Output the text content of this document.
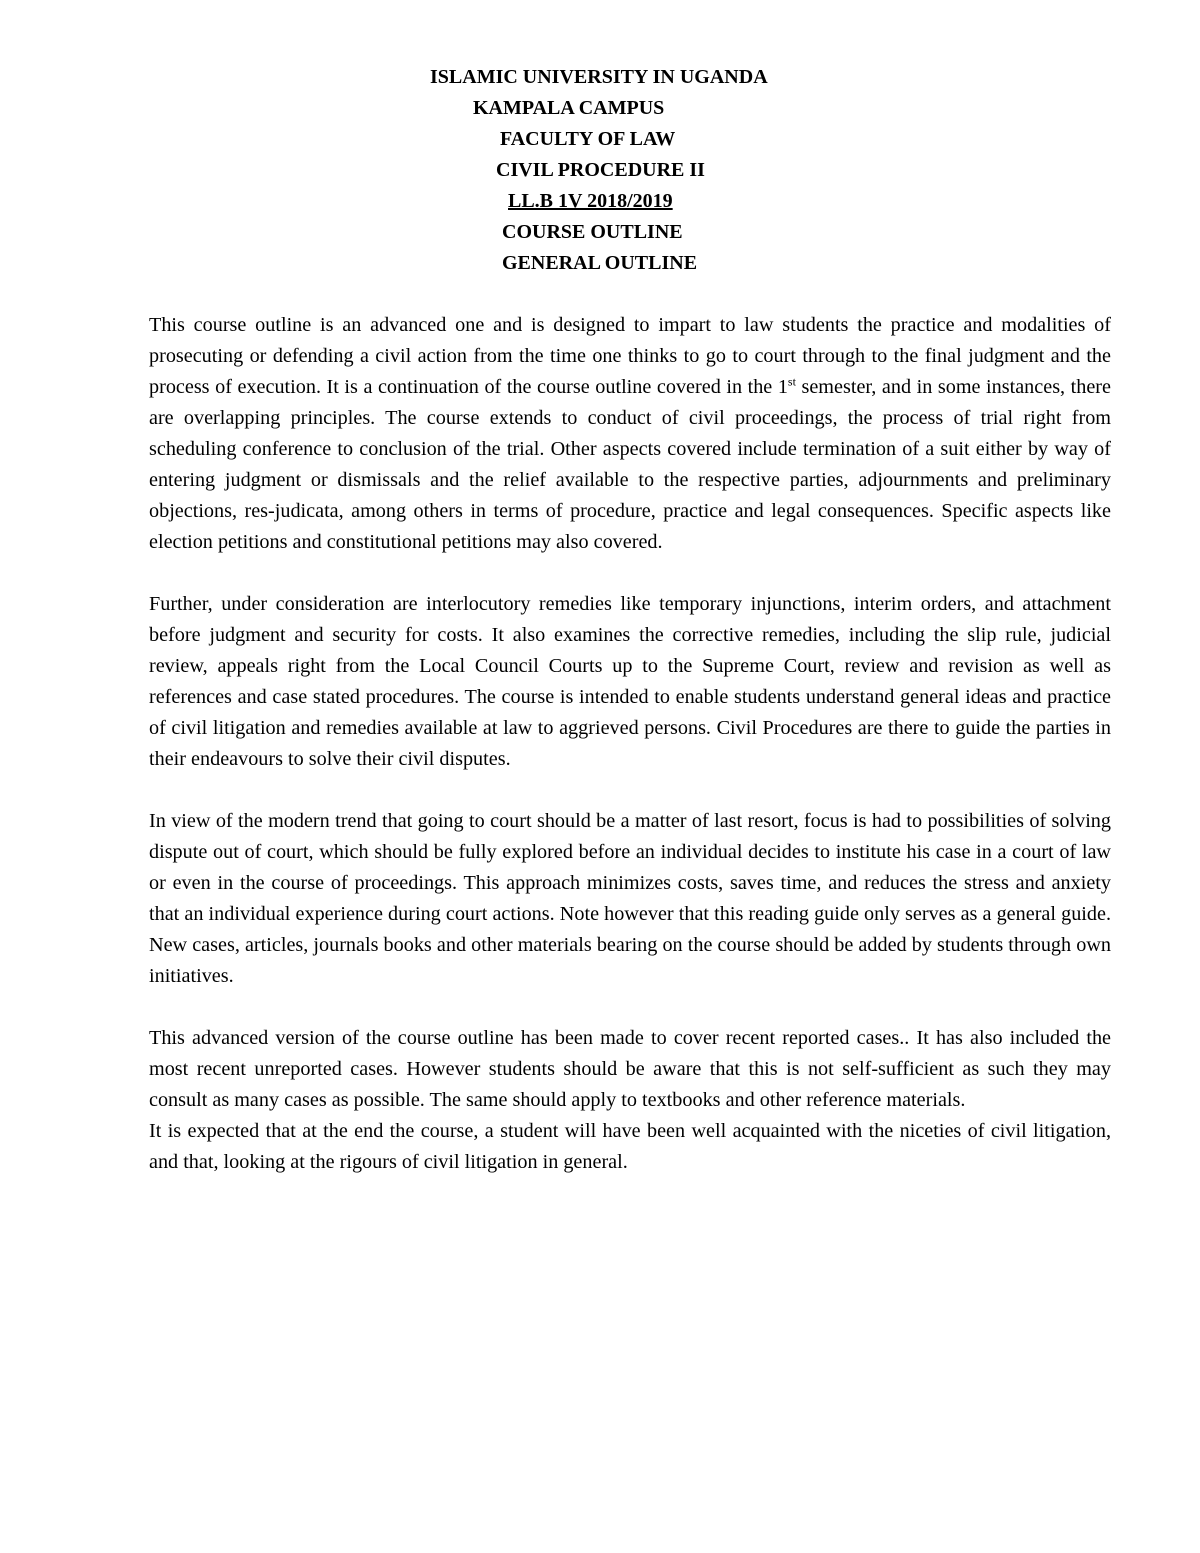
ISLAMIC UNIVERSITY IN UGANDA
KAMPALA CAMPUS
FACULTY OF LAW
CIVIL PROCEDURE II
LL.B 1V 2018/2019
COURSE OUTLINE
GENERAL OUTLINE

This course outline is an advanced one and is designed to impart to law students the practice and modalities of prosecuting or defending a civil action from the time one thinks to go to court through to the final judgment and the process of execution. It is a continuation of the course outline covered in the 1st semester, and in some instances, there are overlapping principles. The course extends to conduct of civil proceedings, the process of trial right from scheduling conference to conclusion of the trial. Other aspects covered include termination of a suit either by way of entering judgment or dismissals and the relief available to the respective parties, adjournments and preliminary objections, res-judicata, among others in terms of procedure, practice and legal consequences. Specific aspects like election petitions and constitutional petitions may also covered.

Further, under consideration are interlocutory remedies like temporary injunctions, interim orders, and attachment before judgment and security for costs. It also examines the corrective remedies, including the slip rule, judicial review, appeals right from the Local Council Courts up to the Supreme Court, review and revision as well as references and case stated procedures. The course is intended to enable students understand general ideas and practice of civil litigation and remedies available at law to aggrieved persons. Civil Procedures are there to guide the parties in their endeavours to solve their civil disputes.

In view of the modern trend that going to court should be a matter of last resort, focus is had to possibilities of solving dispute out of court, which should be fully explored before an individual decides to institute his case in a court of law or even in the course of proceedings. This approach minimizes costs, saves time, and reduces the stress and anxiety that an individual experience during court actions. Note however that this reading guide only serves as a general guide. New cases, articles, journals books and other materials bearing on the course should be added by students through own initiatives.

This advanced version of the course outline has been made to cover recent reported cases.. It has also included the most recent unreported cases. However students should be aware that this is not self-sufficient as such they may consult as many cases as possible. The same should apply to textbooks and other reference materials.

It is expected that at the end the course, a student will have been well acquainted with the niceties of civil litigation, and that, looking at the rigours of civil litigation in general.
